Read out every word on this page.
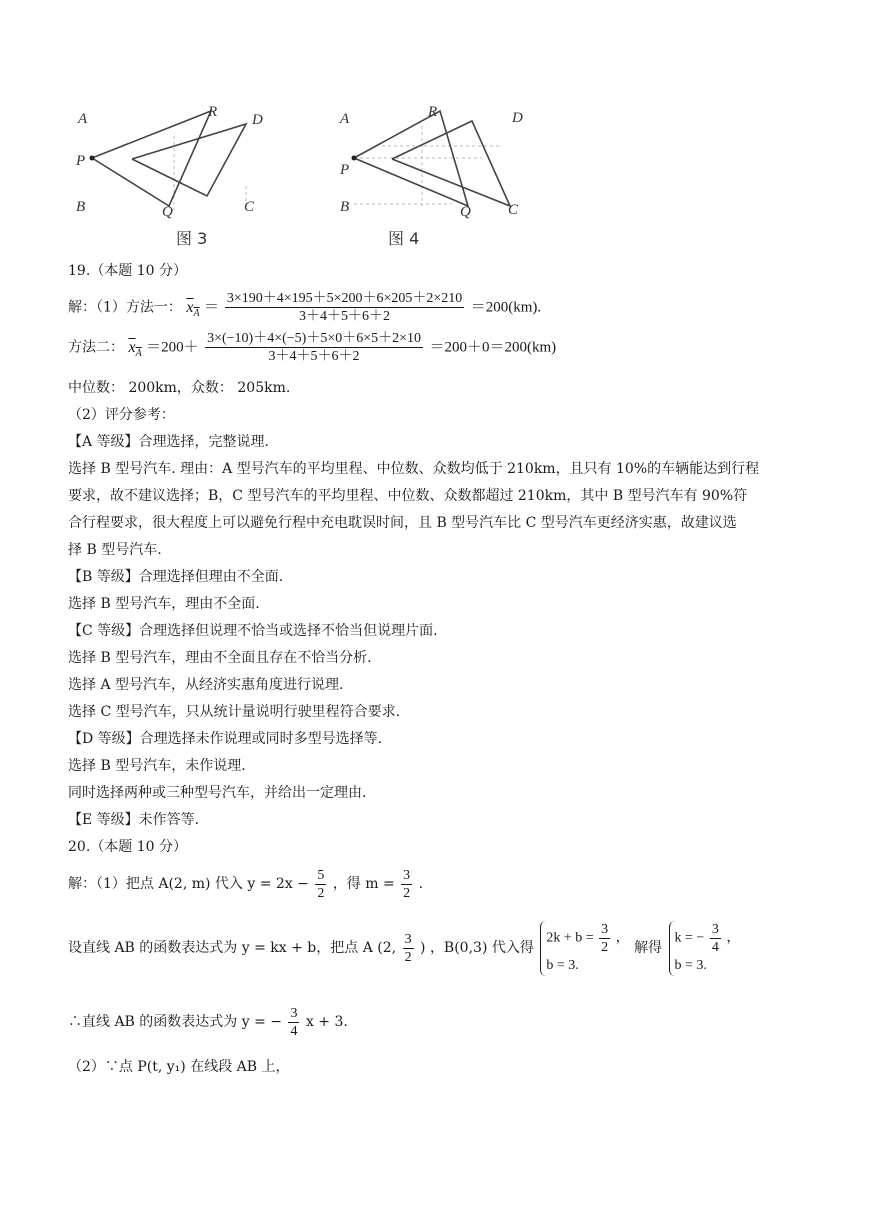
A
P
B
R D
Q	C
图 3
A
P
B
R	D
Q C
图 4
19.（本题 10 分）
解：（1）方法一： $x_A = \frac{3\times 190+4\times 195+5\times 200+6\times 205+2\times 210}{3+4+5+6+2} =200(km)$.
方法二： $x_A =200+ \frac{3\times(-10)+4\times(-5)+5\times 0+6\times 5+2\times 10}{3+4+5+6+2} =200+0=200(km)$
中位数： 200km，众数： 205km.
（2）评分参考：
【A 等级】合理选择，完整说理.
选择 B 型号汽车. 理由：A 型号汽车的平均里程、中位数、众数均低于 210km，且只有 10%的车辆能达到行程
要求，故不建议选择；B，C 型号汽车的平均里程、中位数、众数都超过 210km，其中 B 型号汽车有 90%符
合行程要求，很大程度上可以避免行程中充电耽误时间，且 B 型号汽车比 C 型号汽车更经济实惠，故建议选
择 B 型号汽车.
【B 等级】合理选择但理由不全面.
选择 B 型号汽车，理由不全面.
【C 等级】合理选择但说理不恰当或选择不恰当但说理片面.
选择 B 型号汽车，理由不全面且存在不恰当分析.
选择 A 型号汽车，从经济实惠角度进行说理.
选择 C 型号汽车，只从统计量说明行驶里程符合要求.
【D 等级】合理选择未作说理或同时多型号选择等.
选择 B 型号汽车，未作说理.
同时选择两种或三种型号汽车，并给出一定理由.
【E 等级】未作答等.
20.（本题 10 分）
解：（1）把点 A(2, m) 代入 $y = 2x - \frac{5}{2}$ ，得 $m = \frac{3}{2}$ .
设直线 AB 的函数表达式为 y = kx + b，把点 A (2, $\frac{3}{2}$ ) ，B(0,3) 代入得
$2k + b = \frac{3}{2}$ ，
b = 3.
解得
k = − $\frac{3}{4}$ ，
b = 3.
∴直线 AB 的函数表达式为 y = − $\frac{3}{4}$ x + 3.
（2）∵点 P(t, y₁) 在线段 AB 上，
